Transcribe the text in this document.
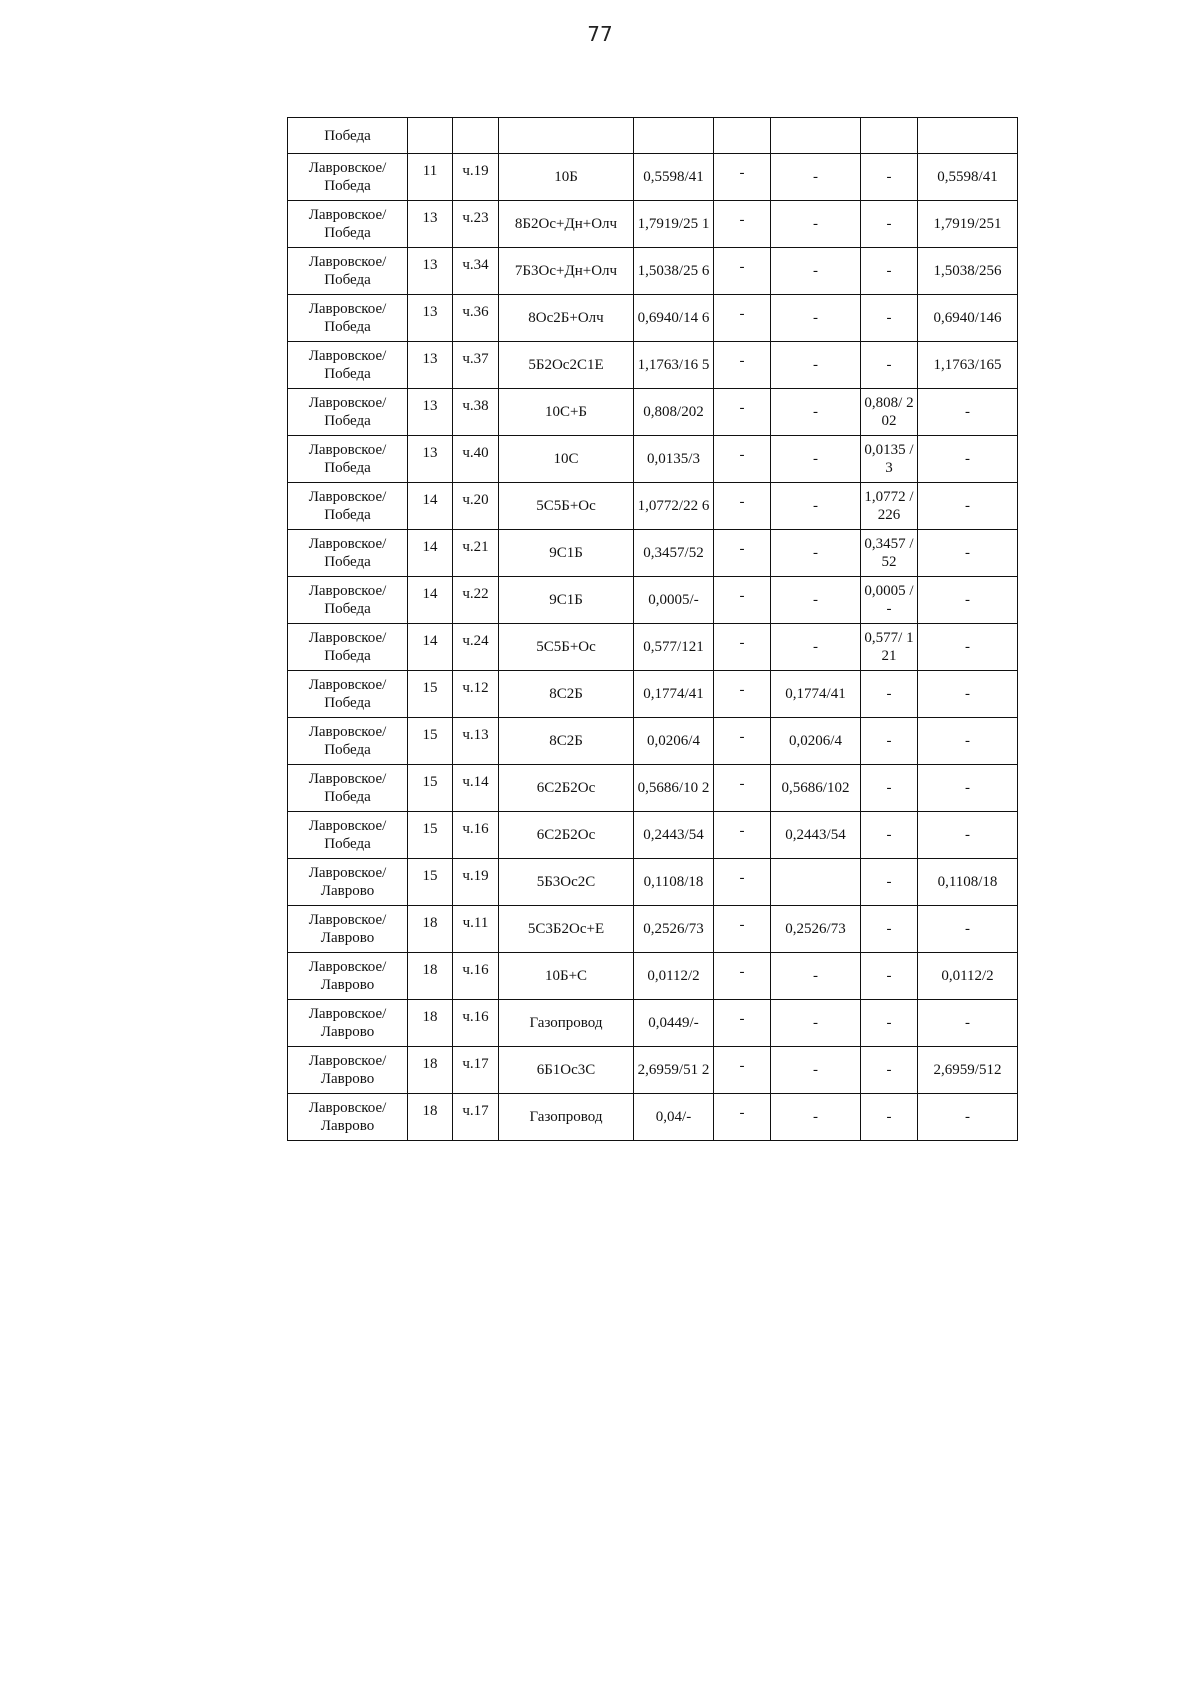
77
Победа								
Лавровское/ Победа	11	ч.19	10Б	0,5598/41	-	-	-	0,5598/41
Лавровское/ Победа	13	ч.23	8Б2Ос+Дн+Олч	1,7919/25 1	-	-	-	1,7919/251
Лавровское/ Победа	13	ч.34	7Б3Ос+Дн+Олч	1,5038/25 6	-	-	-	1,5038/256
Лавровское/ Победа	13	ч.36	8Ос2Б+Олч	0,6940/14 6	-	-	-	0,6940/146
Лавровское/ Победа	13	ч.37	5Б2Ос2С1Е	1,1763/16 5	-	-	-	1,1763/165
Лавровское/ Победа	13	ч.38	10С+Б	0,808/202	-	-	0,808/ 202	-
Лавровское/ Победа	13	ч.40	10С	0,0135/3	-	-	0,0135 /3	-
Лавровское/ Победа	14	ч.20	5С5Б+Ос	1,0772/22 6	-	-	1,0772 /226	-
Лавровское/ Победа	14	ч.21	9С1Б	0,3457/52	-	-	0,3457 /52	-
Лавровское/ Победа	14	ч.22	9С1Б	0,0005/-	-	-	0,0005 /-	-
Лавровское/ Победа	14	ч.24	5С5Б+Ос	0,577/121	-	-	0,577/ 121	-
Лавровское/ Победа	15	ч.12	8С2Б	0,1774/41	-	0,1774/41	-	-
Лавровское/ Победа	15	ч.13	8С2Б	0,0206/4	-	0,0206/4	-	-
Лавровское/ Победа	15	ч.14	6С2Б2Ос	0,5686/10 2	-	0,5686/102	-	-
Лавровское/ Победа	15	ч.16	6С2Б2Ос	0,2443/54	-	0,2443/54	-	-
Лавровское/ Лаврово	15	ч.19	5Б3Ос2С	0,1108/18	-		-	0,1108/18
Лавровское/ Лаврово	18	ч.11	5С3Б2Ос+Е	0,2526/73	-	0,2526/73	-	-
Лавровское/ Лаврово	18	ч.16	10Б+С	0,0112/2	-	-	-	0,0112/2
Лавровское/ Лаврово	18	ч.16	Газопровод	0,0449/-	-	-	-	-
Лавровское/ Лаврово	18	ч.17	6Б1Ос3С	2,6959/51 2	-	-	-	2,6959/512
Лавровское/ Лаврово	18	ч.17	Газопровод	0,04/-	-	-	-	-
